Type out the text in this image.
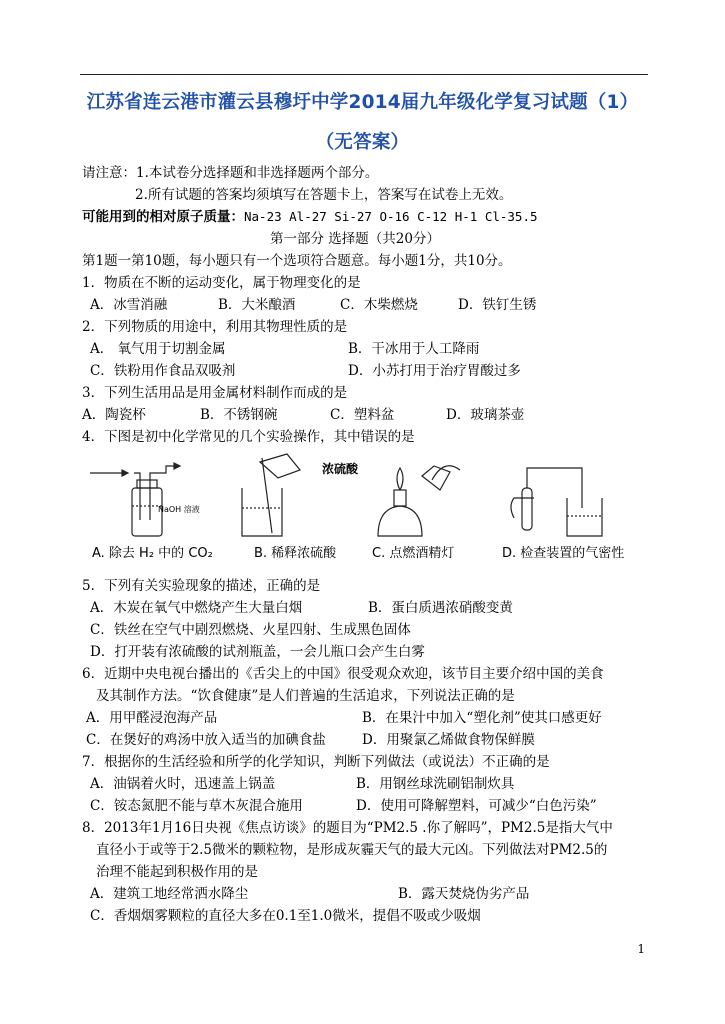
江苏省连云港市灌云县穆圩中学2014届九年级化学复习试题（1）
（无答案）
请注意：1.本试卷分选择题和非选择题两个部分。
2.所有试题的答案均须填写在答题卡上，答案写在试卷上无效。
可能用到的相对原子质量：Na-23 Al-27 Si-27 O-16 C-12 H-1 Cl-35.5
第一部分 选择题（共20分）
第1题一第10题，每小题只有一个选项符合题意。每小题1分，共10分。
1．物质在不断的运动变化，属于物理变化的是
A．冰雪消融	B．大米酿酒	C．木柴燃烧	D．铁钉生锈
2．下列物质的用途中，利用其物理性质的是
A． 氧气用于切割金属	B．干冰用于人工降雨
C．铁粉用作食品双吸剂	D．小苏打用于治疗胃酸过多
3．下列生活用品是用金属材料制作而成的是
A．陶瓷杯	B．不锈钢碗	C．塑料盆	D．玻璃茶壶
4．下图是初中化学常见的几个实验操作，其中错误的是
NaOH 溶液
浓硫酸
A. 除去 H₂ 中的 CO₂	B. 稀释浓硫酸	C. 点燃酒精灯	D. 检查装置的气密性
5．下列有关实验现象的描述，正确的是
A．木炭在氧气中燃烧产生大量白烟	B．蛋白质遇浓硝酸变黄
C．铁丝在空气中剧烈燃烧、火星四射、生成黑色固体
D．打开装有浓硫酸的试剂瓶盖，一会儿瓶口会产生白雾
6．近期中央电视台播出的《舌尖上的中国》很受观众欢迎，该节目主要介绍中国的美食
及其制作方法。“饮食健康”是人们普遍的生活追求，下列说法正确的是
A．用甲醛浸泡海产品	B．在果汁中加入“塑化剂”使其口感更好
C．在煲好的鸡汤中放入适当的加碘食盐	D．用聚氯乙烯做食物保鲜膜
7．根据你的生活经验和所学的化学知识，判断下列做法（或说法）不正确的是
A．油锅着火时，迅速盖上锅盖	B．用钢丝球洗刷铝制炊具
C．铵态氮肥不能与草木灰混合施用	D．使用可降解塑料，可减少“白色污染”
8．2013年1月16日央视《焦点访谈》的题目为“PM2.5 .你了解吗”，PM2.5是指大气中
直径小于或等于2.5微米的颗粒物，是形成灰霾天气的最大元凶。下列做法对PM2.5的
治理不能起到积极作用的是
A．建筑工地经常洒水降尘	B．露天焚烧伪劣产品
C．香烟烟雾颗粒的直径大多在0.1至1.0微米，提倡不吸或少吸烟
1
